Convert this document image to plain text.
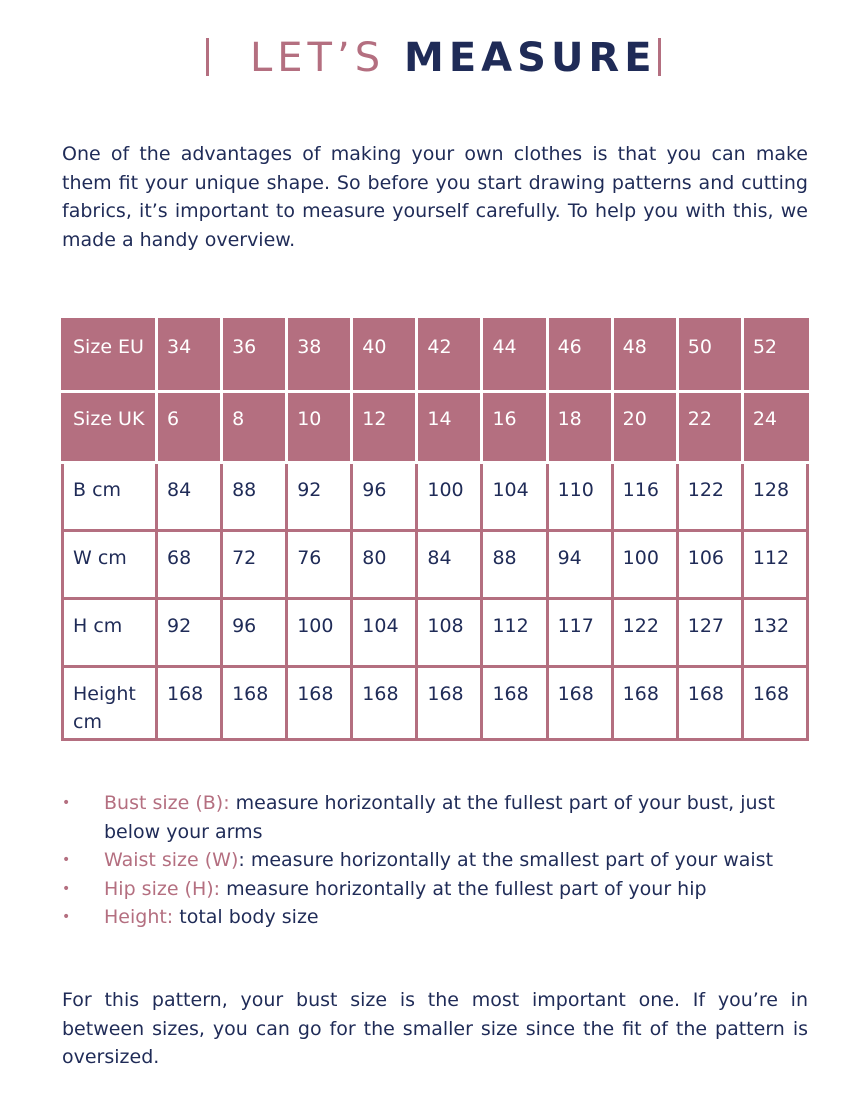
LET’S MEASURE

One of the advantages of making your own clothes is that you can make them fit your unique shape. So before you start drawing patterns and cutting fabrics, it’s important to measure yourself carefully. To help you with this, we made a handy overview.

Size EU	34	36	38	40	42	44	46	48	50	52
Size UK	6	8	10	12	14	16	18	20	22	24
B cm	84	88	92	96	100	104	110	116	122	128
W cm	68	72	76	80	84	88	94	100	106	112
H cm	92	96	100	104	108	112	117	122	127	132
Height cm	168	168	168	168	168	168	168	168	168	168
• Bust size (B): measure horizontally at the fullest part of your bust, just below your arms
• Waist size (W): measure horizontally at the smallest part of your waist
• Hip size (H): measure horizontally at the fullest part of your hip
• Height: total body size

For this pattern, your bust size is the most important one. If you’re in between sizes, you can go for the smaller size since the fit of the pattern is oversized.
